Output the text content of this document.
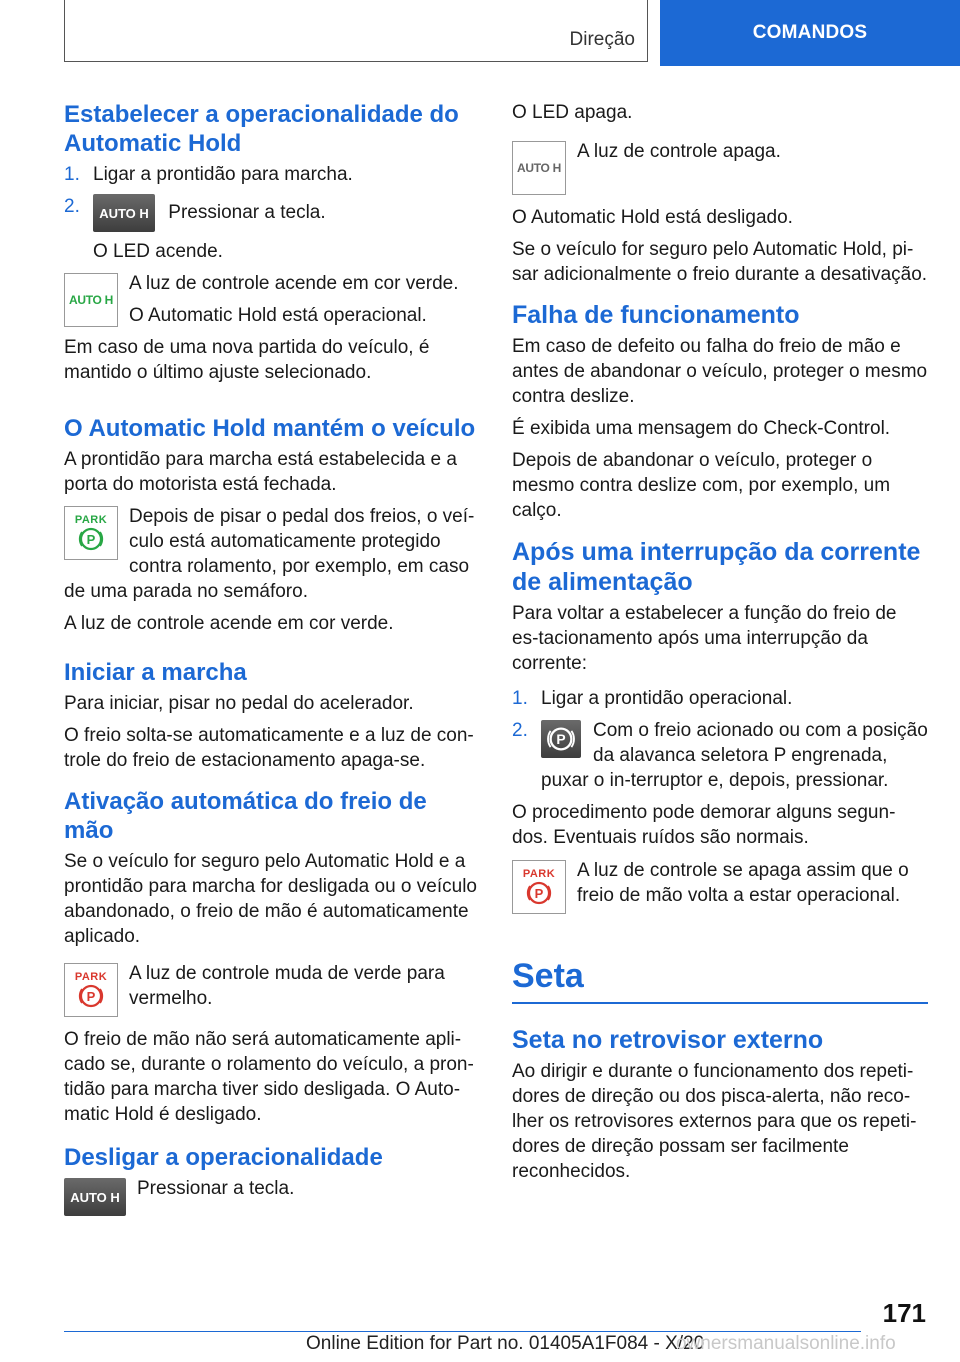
Direção	COMANDOS
Estabelecer a operacionalidade do Automatic Hold
1. Ligar a prontidão para marcha.
2.	AUTO H Pressionar a tecla.

O LED acende.

AUTO H

A luz de controle acende em cor verde.

O Automatic Hold está operacional.

Em caso de uma nova partida do veículo, é mantido o último ajuste selecionado.

O Automatic Hold mantém o veículo

A prontidão para marcha está estabelecida e a porta do motorista está fechada.

PARK
P

Depois de pisar o pedal dos freios, o veí-culo está automaticamente protegido contra rolamento, por exemplo, em caso de uma parada no semáforo.

A luz de controle acende em cor verde.

Iniciar a marcha

Para iniciar, pisar no pedal do acelerador.

O freio solta-se automaticamente e a luz de con-trole do freio de estacionamento apaga-se.

Ativação automática do freio de mão

Se o veículo for seguro pelo Automatic Hold e a prontidão para marcha for desligada ou o veículo abandonado, o freio de mão é automaticamente aplicado.

PARK
P

A luz de controle muda de verde para vermelho.

O freio de mão não será automaticamente apli-cado se, durante o rolamento do veículo, a pron-tidão para marcha tiver sido desligada. O Auto-matic Hold é desligado.

Desligar a operacionalidade
AUTO H Pressionar a tecla.

O LED apaga.

AUTO H

A luz de controle apaga.

O Automatic Hold está desligado.

Se o veículo for seguro pelo Automatic Hold, pi-sar adicionalmente o freio durante a desativação.

Falha de funcionamento

Em caso de defeito ou falha do freio de mão e antes de abandonar o veículo, proteger o mesmo contra deslize.

É exibida uma mensagem do Check-Control.

Depois de abandonar o veículo, proteger o mesmo contra deslize com, por exemplo, um calço.

Após uma interrupção da corrente de alimentação

Para voltar a estabelecer a função do freio de es-tacionamento após uma interrupção da corrente:

1. Ligar a prontidão operacional.
2.	P Com o freio acionado ou com a posição da alavanca seletora P engrenada, puxar o in-terruptor e, depois, pressionar.

O procedimento pode demorar alguns segun-dos. Eventuais ruídos são normais.

PARK
P

A luz de controle se apaga assim que o freio de mão volta a estar operacional.

Seta
Seta no retrovisor externo

Ao dirigir e durante o funcionamento dos repeti-dores de direção ou dos pisca-alerta, não reco-lher os retrovisores externos para que os repeti-dores de direção possam ser facilmente reconhecidos.

171
Online Edition for Part no. 01405A1F084 - X/20
ownersmanualsonline.info
